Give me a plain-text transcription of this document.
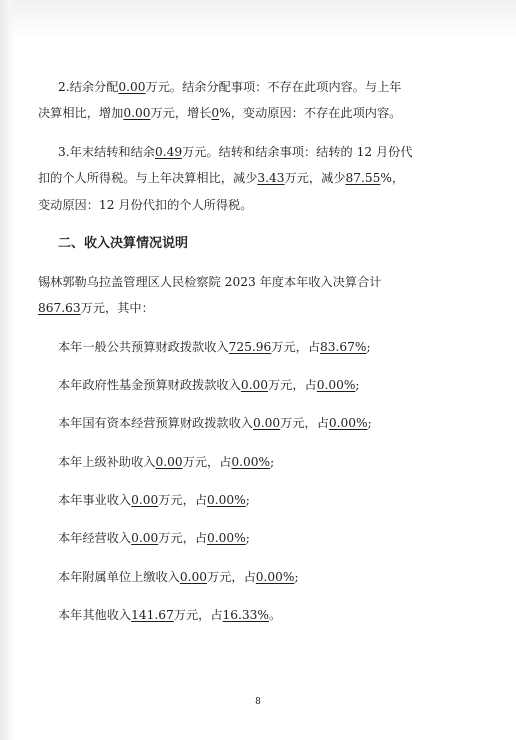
2.结余分配0.00万元。结余分配事项：不存在此项内容。与上年
决算相比，增加0.00万元，增长0%，变动原因：不存在此项内容。
3.年末结转和结余0.49万元。结转和结余事项：结转的 12 月份代
扣的个人所得税。与上年决算相比，减少3.43万元，减少87.55%，
变动原因：12 月份代扣的个人所得税。
二、收入决算情况说明
锡林郭勒乌拉盖管理区人民检察院 2023 年度本年收入决算合计
867.63万元，其中：
本年一般公共预算财政拨款收入725.96万元，占83.67%;
本年政府性基金预算财政拨款收入0.00万元，占0.00%;
本年国有资本经营预算财政拨款收入0.00万元，占0.00%;
本年上级补助收入0.00万元，占0.00%;
本年事业收入0.00万元，占0.00%;
本年经营收入0.00万元，占0.00%;
本年附属单位上缴收入0.00万元，占0.00%;
本年其他收入141.67万元，占16.33%。
8
